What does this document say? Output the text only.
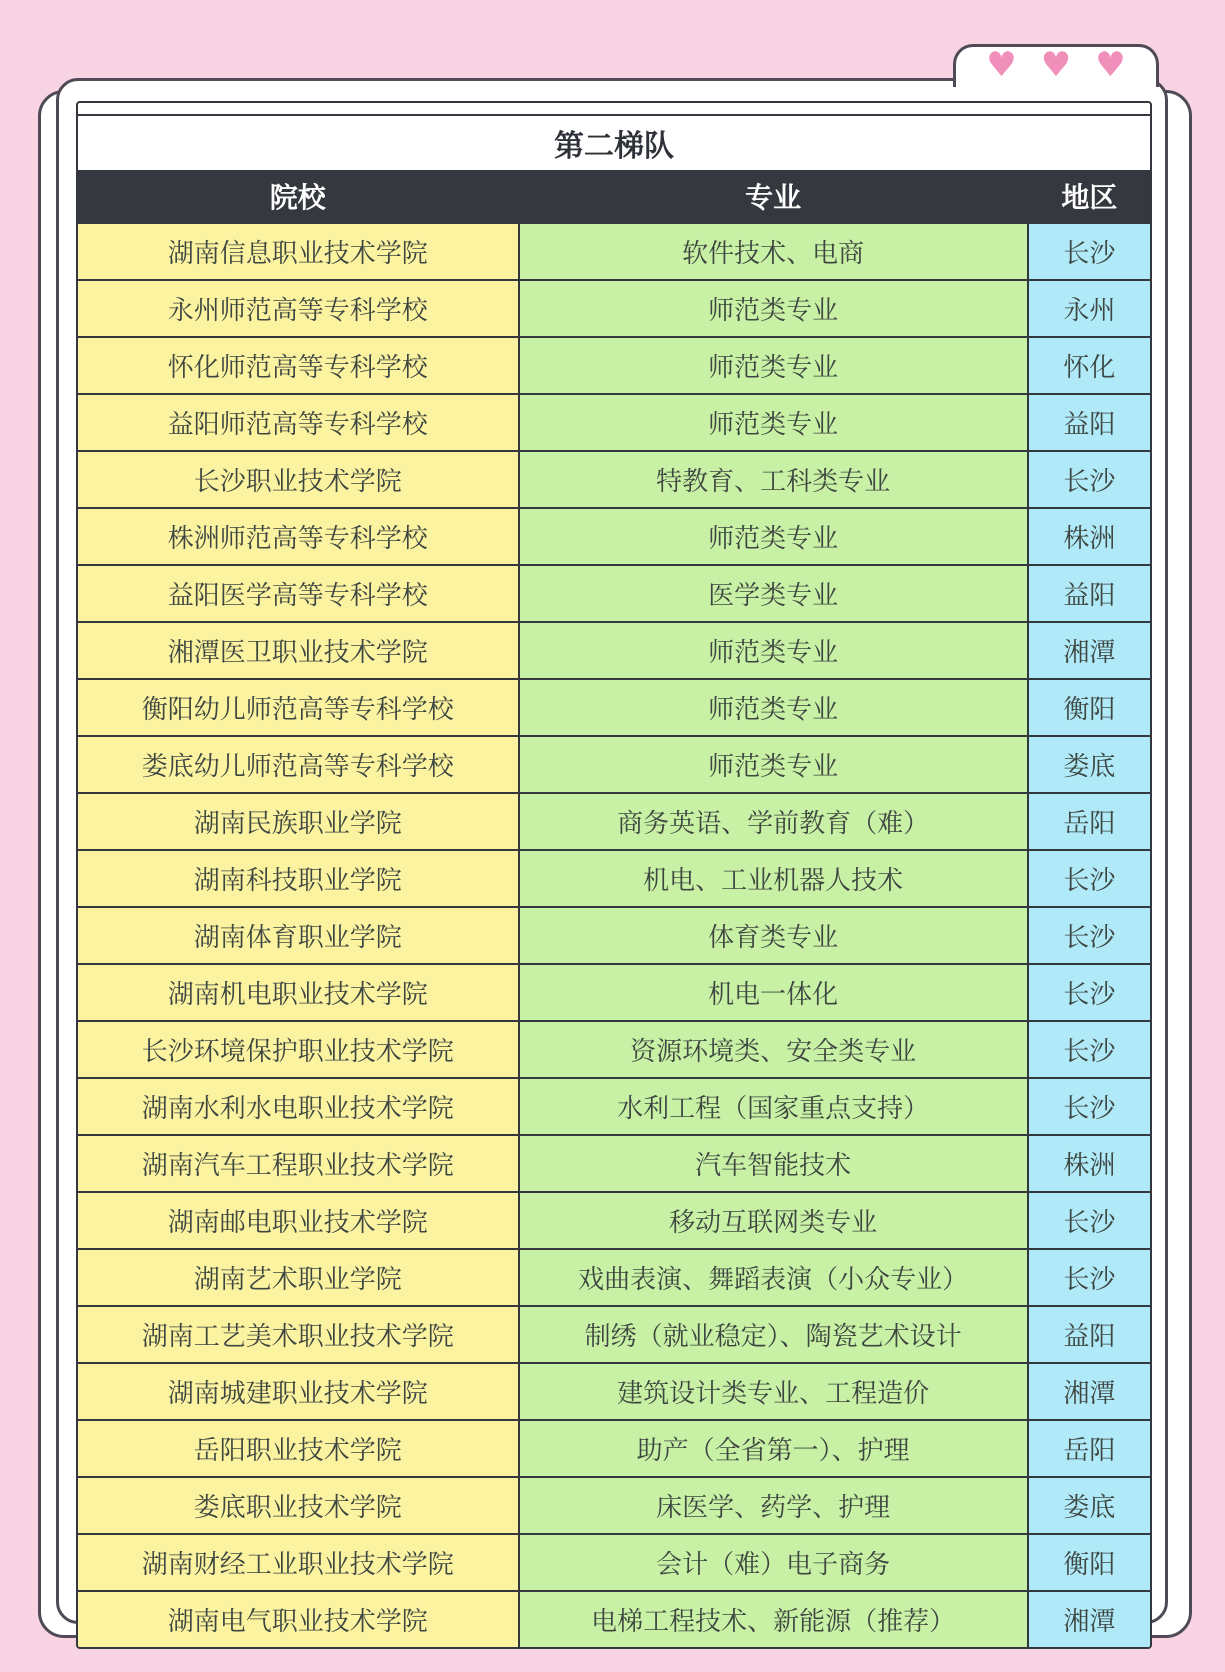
♥ ♥ ♥
第二梯队
院校	专业	地区
湖南信息职业技术学院	软件技术、电商	长沙
永州师范高等专科学校	师范类专业	永州
怀化师范高等专科学校	师范类专业	怀化
益阳师范高等专科学校	师范类专业	益阳
长沙职业技术学院	特教育、工科类专业	长沙
株洲师范高等专科学校	师范类专业	株洲
益阳医学高等专科学校	医学类专业	益阳
湘潭医卫职业技术学院	师范类专业	湘潭
衡阳幼儿师范高等专科学校	师范类专业	衡阳
娄底幼儿师范高等专科学校	师范类专业	娄底
湖南民族职业学院	商务英语、学前教育（难）	岳阳
湖南科技职业学院	机电、工业机器人技术	长沙
湖南体育职业学院	体育类专业	长沙
湖南机电职业技术学院	机电一体化	长沙
长沙环境保护职业技术学院	资源环境类、安全类专业	长沙
湖南水利水电职业技术学院	水利工程（国家重点支持）	长沙
湖南汽车工程职业技术学院	汽车智能技术	株洲
湖南邮电职业技术学院	移动互联网类专业	长沙
湖南艺术职业学院	戏曲表演、舞蹈表演（小众专业）	长沙
湖南工艺美术职业技术学院	制绣（就业稳定）、陶瓷艺术设计	益阳
湖南城建职业技术学院	建筑设计类专业、工程造价	湘潭
岳阳职业技术学院	助产（全省第一）、护理	岳阳
娄底职业技术学院	床医学、药学、护理	娄底
湖南财经工业职业技术学院	会计（难）电子商务	衡阳
湖南电气职业技术学院	电梯工程技术、新能源（推荐）	湘潭
